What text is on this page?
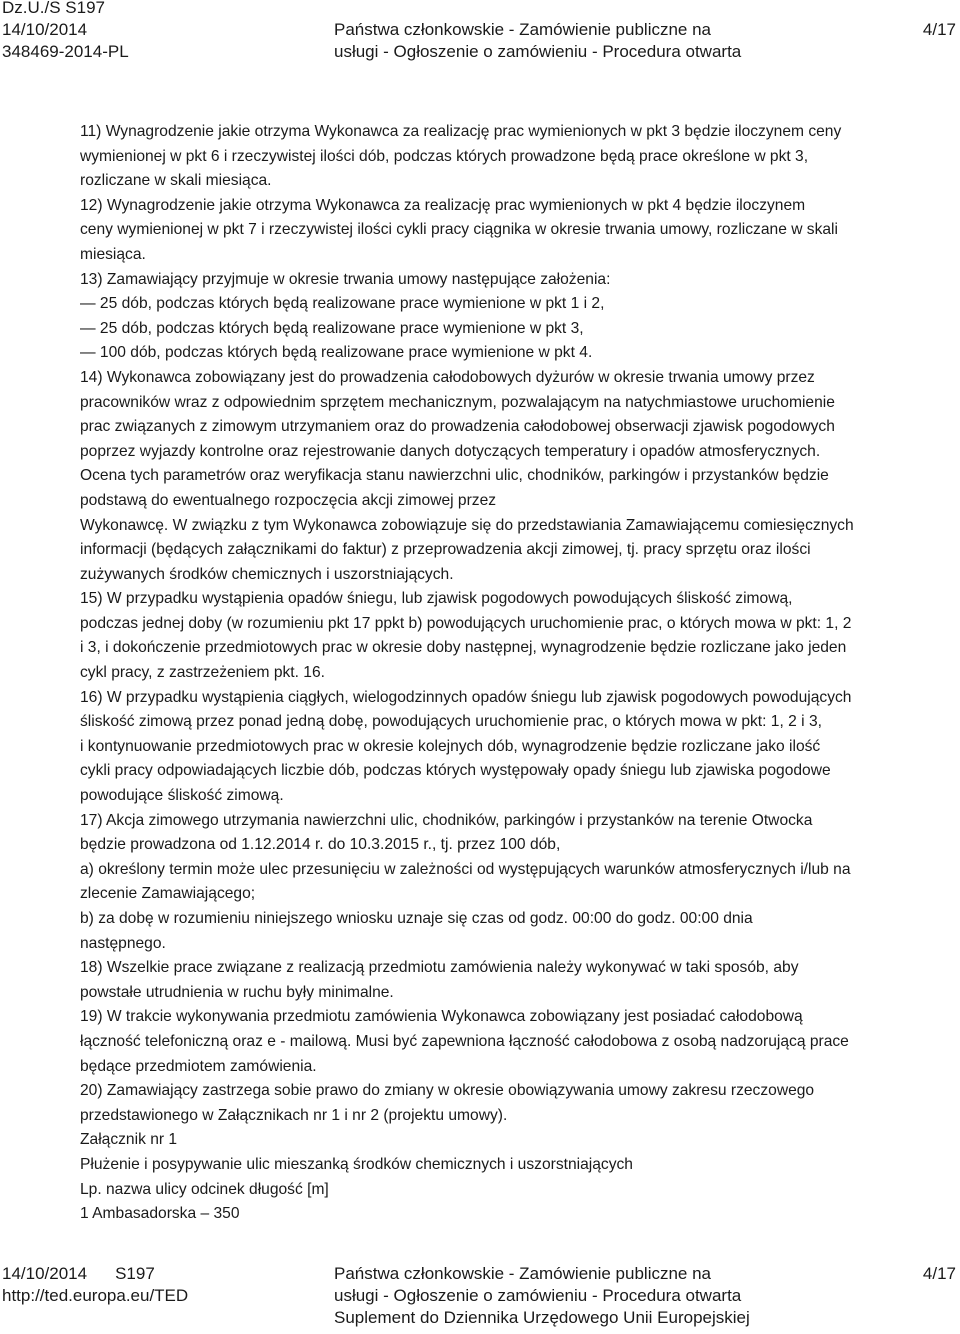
Dz.U./S S197
14/10/2014
348469-2014-PL
Państwa członkowskie - Zamówienie publiczne na
usługi - Ogłoszenie o zamówieniu - Procedura otwarta
4/17
11) Wynagrodzenie jakie otrzyma Wykonawca za realizację prac wymienionych w pkt 3 będzie iloczynem ceny
wymienionej w pkt 6 i rzeczywistej ilości dób, podczas których prowadzone będą prace określone w pkt 3,
rozliczane w skali miesiąca.
12) Wynagrodzenie jakie otrzyma Wykonawca za realizację prac wymienionych w pkt 4 będzie iloczynem
ceny wymienionej w pkt 7 i rzeczywistej ilości cykli pracy ciągnika w okresie trwania umowy, rozliczane w skali
miesiąca.
13) Zamawiający przyjmuje w okresie trwania umowy następujące założenia:
— 25 dób, podczas których będą realizowane prace wymienione w pkt 1 i 2,
— 25 dób, podczas których będą realizowane prace wymienione w pkt 3,
— 100 dób, podczas których będą realizowane prace wymienione w pkt 4.
14) Wykonawca zobowiązany jest do prowadzenia całodobowych dyżurów w okresie trwania umowy przez
pracowników wraz z odpowiednim sprzętem mechanicznym, pozwalającym na natychmiastowe uruchomienie
prac związanych z zimowym utrzymaniem oraz do prowadzenia całodobowej obserwacji zjawisk pogodowych
poprzez wyjazdy kontrolne oraz rejestrowanie danych dotyczących temperatury i opadów atmosferycznych.
Ocena tych parametrów oraz weryfikacja stanu nawierzchni ulic, chodników, parkingów i przystanków będzie
podstawą do ewentualnego rozpoczęcia akcji zimowej przez
Wykonawcę. W związku z tym Wykonawca zobowiązuje się do przedstawiania Zamawiającemu comiesięcznych
informacji (będących załącznikami do faktur) z przeprowadzenia akcji zimowej, tj. pracy sprzętu oraz ilości
zużywanych środków chemicznych i uszorstniających.
15) W przypadku wystąpienia opadów śniegu, lub zjawisk pogodowych powodujących śliskość zimową,
podczas jednej doby (w rozumieniu pkt 17 ppkt b) powodujących uruchomienie prac, o których mowa w pkt: 1, 2
i 3, i dokończenie przedmiotowych prac w okresie doby następnej, wynagrodzenie będzie rozliczane jako jeden
cykl pracy, z zastrzeżeniem pkt. 16.
16) W przypadku wystąpienia ciągłych, wielogodzinnych opadów śniegu lub zjawisk pogodowych powodujących
śliskość zimową przez ponad jedną dobę, powodujących uruchomienie prac, o których mowa w pkt: 1, 2 i 3,
i kontynuowanie przedmiotowych prac w okresie kolejnych dób, wynagrodzenie będzie rozliczane jako ilość
cykli pracy odpowiadających liczbie dób, podczas których występowały opady śniegu lub zjawiska pogodowe
powodujące śliskość zimową.
17) Akcja zimowego utrzymania nawierzchni ulic, chodników, parkingów i przystanków na terenie Otwocka
będzie prowadzona od 1.12.2014 r. do 10.3.2015 r., tj. przez 100 dób,
a) określony termin może ulec przesunięciu w zależności od występujących warunków atmosferycznych i/lub na
zlecenie Zamawiającego;
b) za dobę w rozumieniu niniejszego wniosku uznaje się czas od godz. 00:00 do godz. 00:00 dnia
następnego.
18) Wszelkie prace związane z realizacją przedmiotu zamówienia należy wykonywać w taki sposób, aby
powstałe utrudnienia w ruchu były minimalne.
19) W trakcie wykonywania przedmiotu zamówienia Wykonawca zobowiązany jest posiadać całodobową
łączność telefoniczną oraz e - mailową. Musi być zapewniona łączność całodobowa z osobą nadzorującą prace
będące przedmiotem zamówienia.
20) Zamawiający zastrzega sobie prawo do zmiany w okresie obowiązywania umowy zakresu rzeczowego
przedstawionego w Załącznikach nr 1 i nr 2 (projektu umowy).
Załącznik nr 1
Płużenie i posypywanie ulic mieszanką środków chemicznych i uszorstniających
Lp. nazwa ulicy odcinek długość [m]
1 Ambasadorska – 350
14/10/2014 S197
http://ted.europa.eu/TED
Państwa członkowskie - Zamówienie publiczne na
usługi - Ogłoszenie o zamówieniu - Procedura otwarta
Suplement do Dziennika Urzędowego Unii Europejskiej
4/17
